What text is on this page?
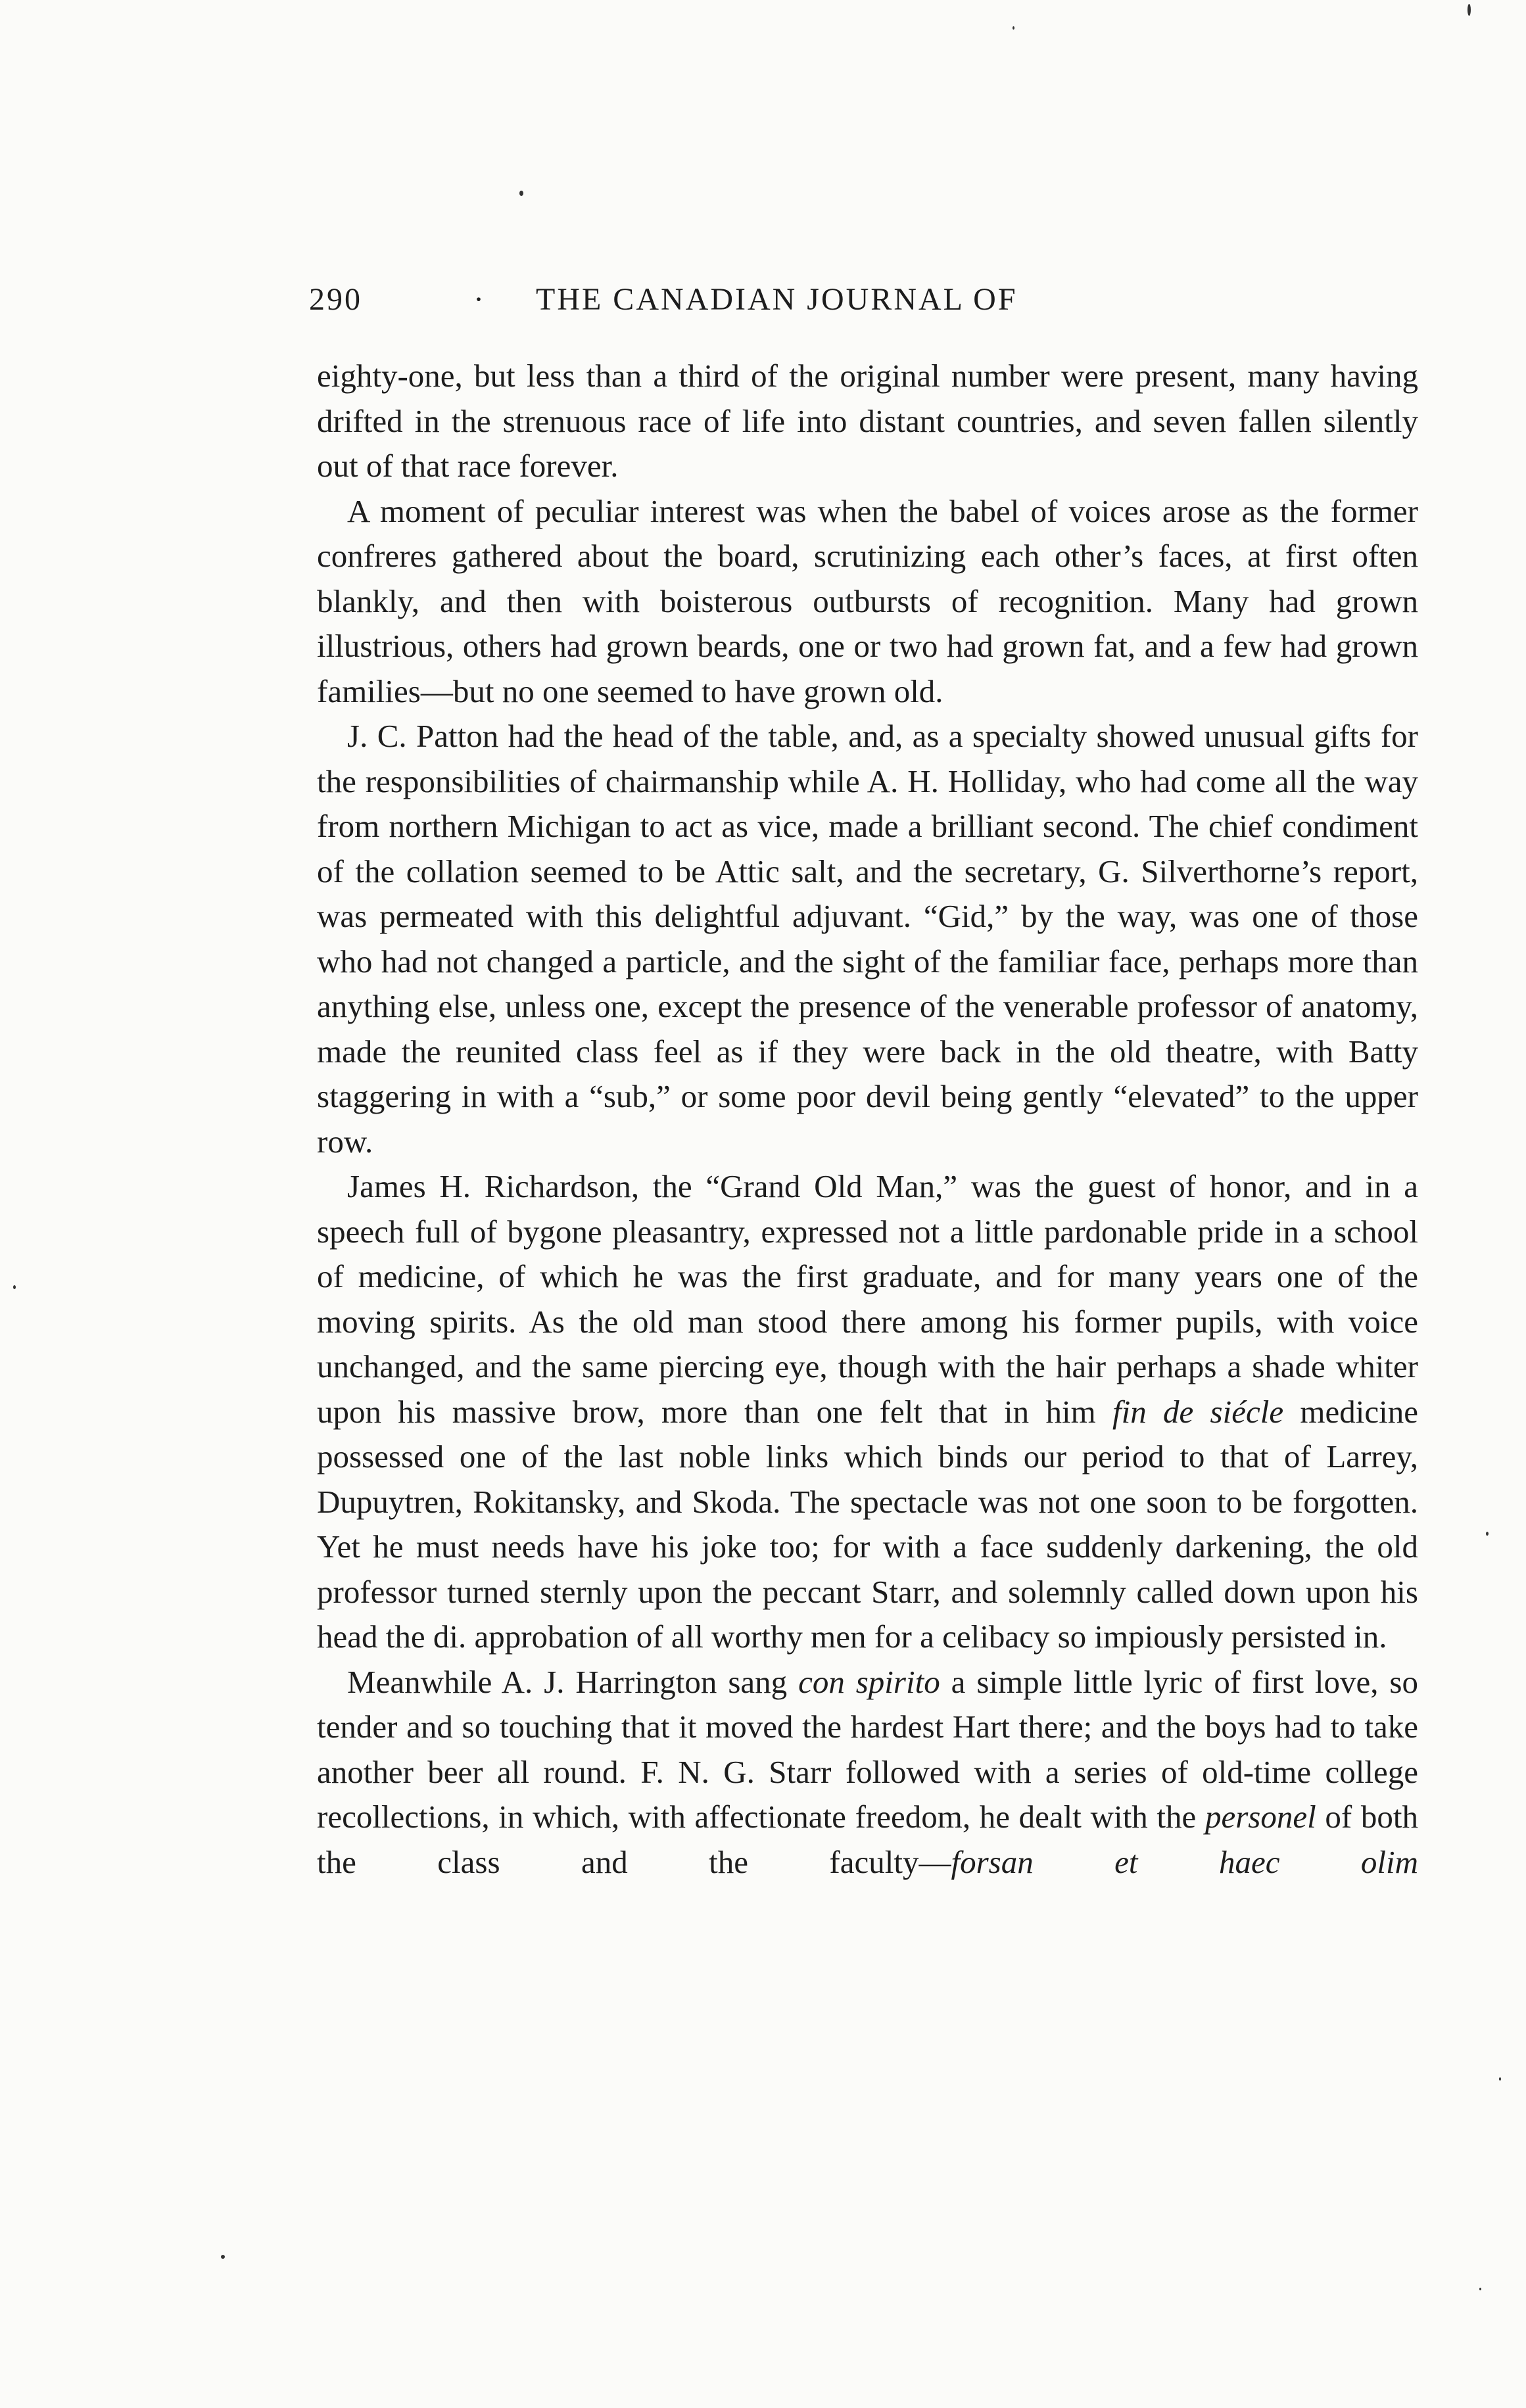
290	· THE CANADIAN JOURNAL OF

eighty-one, but less than a third of the original number were present, many having drifted in the strenuous race of life into distant countries, and seven fallen silently out of that race forever.

A moment of peculiar interest was when the babel of voices arose as the former confreres gathered about the board, scrutinizing each other’s faces, at first often blankly, and then with boisterous outbursts of recognition. Many had grown illustrious, others had grown beards, one or two had grown fat, and a few had grown families—but no one seemed to have grown old.

J. C. Patton had the head of the table, and, as a specialty showed unusual gifts for the responsibilities of chairmanship while A. H. Holliday, who had come all the way from northern Michigan to act as vice, made a brilliant second. The chief condiment of the collation seemed to be Attic salt, and the secretary, G. Silverthorne’s report, was permeated with this delightful adjuvant. “Gid,” by the way, was one of those who had not changed a particle, and the sight of the familiar face, perhaps more than anything else, unless one, except the presence of the venerable professor of anatomy, made the reunited class feel as if they were back in the old theatre, with Batty staggering in with a “sub,” or some poor devil being gently “elevated” to the upper row.

James H. Richardson, the “Grand Old Man,” was the guest of honor, and in a speech full of bygone pleasantry, expressed not a little pardonable pride in a school of medicine, of which he was the first graduate, and for many years one of the moving spirits. As the old man stood there among his former pupils, with voice unchanged, and the same piercing eye, though with the hair perhaps a shade whiter upon his massive brow, more than one felt that in him fin de siécle medicine possessed one of the last noble links which binds our period to that of Larrey, Dupuytren, Rokitansky, and Skoda. The spectacle was not one soon to be forgotten. Yet he must needs have his joke too; for with a face suddenly darkening, the old professor turned sternly upon the peccant Starr, and solemnly called down upon his head the di. approbation of all worthy men for a celibacy so impiously persisted in.

Meanwhile A. J. Harrington sang con spirito a simple little lyric of first love, so tender and so touching that it moved the hardest Hart there; and the boys had to take another beer all round. F. N. G. Starr followed with a series of old-time college recollections, in which, with affectionate freedom, he dealt with the personel of both the class and the faculty—forsan et haec olim
